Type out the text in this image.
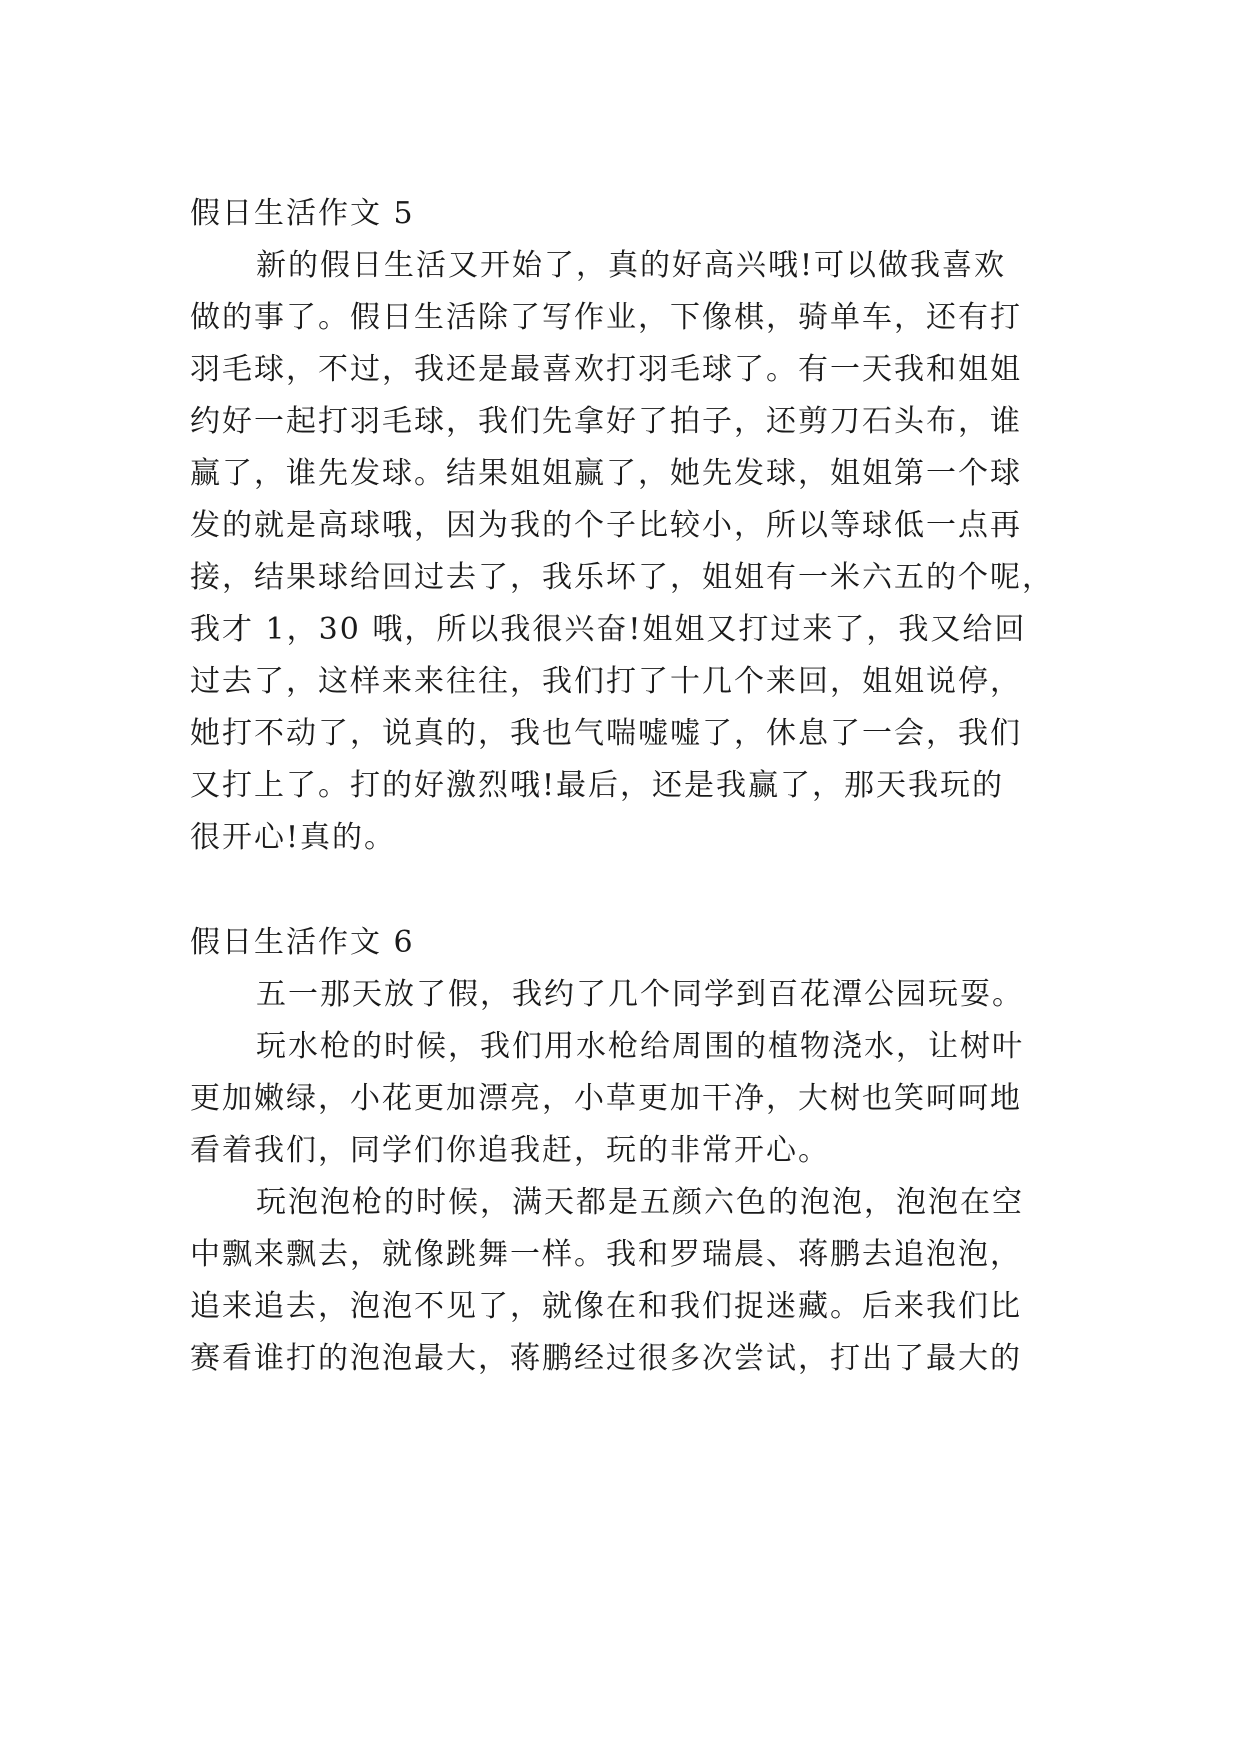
假日生活作文 5

新的假日生活又开始了，真的好高兴哦!可以做我喜欢
做的事了。假日生活除了写作业，下像棋，骑单车，还有打
羽毛球，不过，我还是最喜欢打羽毛球了。有一天我和姐姐
约好一起打羽毛球，我们先拿好了拍子，还剪刀石头布，谁
赢了，谁先发球。结果姐姐赢了，她先发球，姐姐第一个球
发的就是高球哦，因为我的个子比较小，所以等球低一点再
接，结果球给回过去了，我乐坏了，姐姐有一米六五的个呢，
我才 1，30 哦，所以我很兴奋!姐姐又打过来了，我又给回
过去了，这样来来往往，我们打了十几个来回，姐姐说停，
她打不动了，说真的，我也气喘嘘嘘了，休息了一会，我们
又打上了。打的好激烈哦!最后，还是我赢了，那天我玩的
很开心!真的。

假日生活作文 6

五一那天放了假，我约了几个同学到百花潭公园玩耍。

玩水枪的时候，我们用水枪给周围的植物浇水，让树叶
更加嫩绿，小花更加漂亮，小草更加干净，大树也笑呵呵地
看着我们，同学们你追我赶，玩的非常开心。

玩泡泡枪的时候，满天都是五颜六色的泡泡，泡泡在空
中飘来飘去，就像跳舞一样。我和罗瑞晨、蒋鹏去追泡泡，
追来追去，泡泡不见了，就像在和我们捉迷藏。后来我们比
赛看谁打的泡泡最大，蒋鹏经过很多次尝试，打出了最大的
